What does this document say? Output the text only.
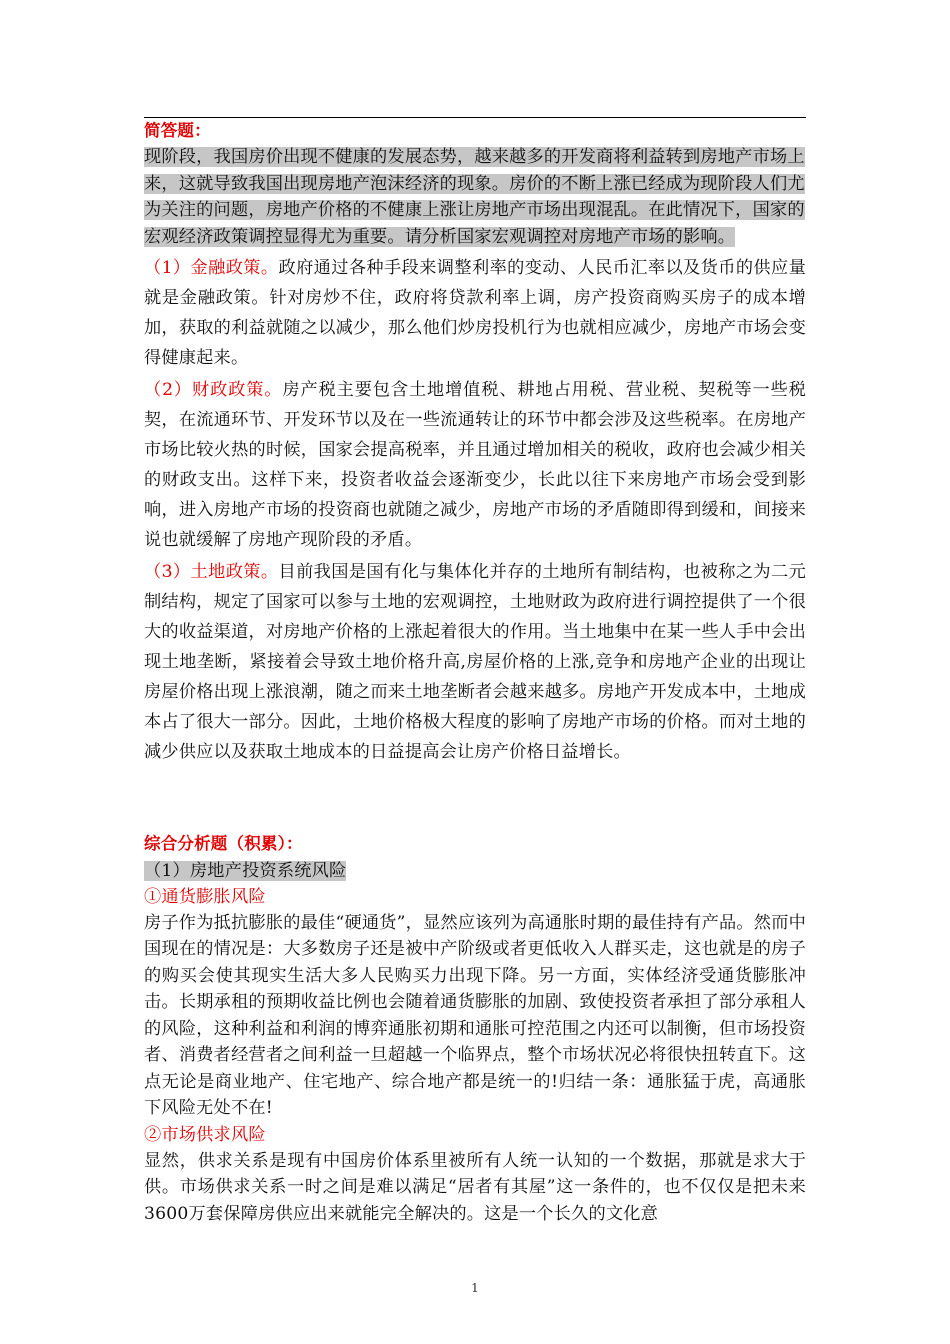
简答题：
现阶段，我国房价出现不健康的发展态势，越来越多的开发商将利益转到房地产市场上来，这就导致我国出现房地产泡沫经济的现象。房价的不断上涨已经成为现阶段人们尤为关注的问题，房地产价格的不健康上涨让房地产市场出现混乱。在此情况下，国家的宏观经济政策调控显得尤为重要。请分析国家宏观调控对房地产市场的影响。
（1）金融政策。政府通过各种手段来调整利率的变动、人民币汇率以及货币的供应量就是金融政策。针对房炒不住，政府将贷款利率上调，房产投资商购买房子的成本增加，获取的利益就随之以减少，那么他们炒房投机行为也就相应减少，房地产市场会变得健康起来。
（2）财政政策。房产税主要包含土地增值税、耕地占用税、营业税、契税等一些税契，在流通环节、开发环节以及在一些流通转让的环节中都会涉及这些税率。在房地产市场比较火热的时候，国家会提高税率，并且通过增加相关的税收，政府也会减少相关的财政支出。这样下来，投资者收益会逐渐变少，长此以往下来房地产市场会受到影响，进入房地产市场的投资商也就随之减少，房地产市场的矛盾随即得到缓和，间接来说也就缓解了房地产现阶段的矛盾。
（3）土地政策。目前我国是国有化与集体化并存的土地所有制结构，也被称之为二元制结构，规定了国家可以参与土地的宏观调控，土地财政为政府进行调控提供了一个很大的收益渠道，对房地产价格的上涨起着很大的作用。当土地集中在某一些人手中会出现土地垄断，紧接着会导致土地价格升高,房屋价格的上涨,竞争和房地产企业的出现让房屋价格出现上涨浪潮，随之而来土地垄断者会越来越多。房地产开发成本中，土地成本占了很大一部分。因此，土地价格极大程度的影响了房地产市场的价格。而对土地的减少供应以及获取土地成本的日益提高会让房产价格日益增长。
综合分析题（积累）：
（1）房地产投资系统风险
①通货膨胀风险
房子作为抵抗膨胀的最佳“硬通货”，显然应该列为高通胀时期的最佳持有产品。然而中国现在的情况是：大多数房子还是被中产阶级或者更低收入人群买走，这也就是的房子的购买会使其现实生活大多人民购买力出现下降。另一方面，实体经济受通货膨胀冲击。长期承租的预期收益比例也会随着通货膨胀的加剧、致使投资者承担了部分承租人的风险，这种利益和利润的博弈通胀初期和通胀可控范围之内还可以制衡，但市场投资者、消费者经营者之间利益一旦超越一个临界点，整个市场状况必将很快扭转直下。这点无论是商业地产、住宅地产、综合地产都是统一的!归结一条：通胀猛于虎，高通胀下风险无处不在!
②市场供求风险
显然，供求关系是现有中国房价体系里被所有人统一认知的一个数据，那就是求大于供。市场供求关系一时之间是难以满足“居者有其屋”这一条件的，也不仅仅是把未来3600万套保障房供应出来就能完全解决的。这是一个长久的文化意
1
